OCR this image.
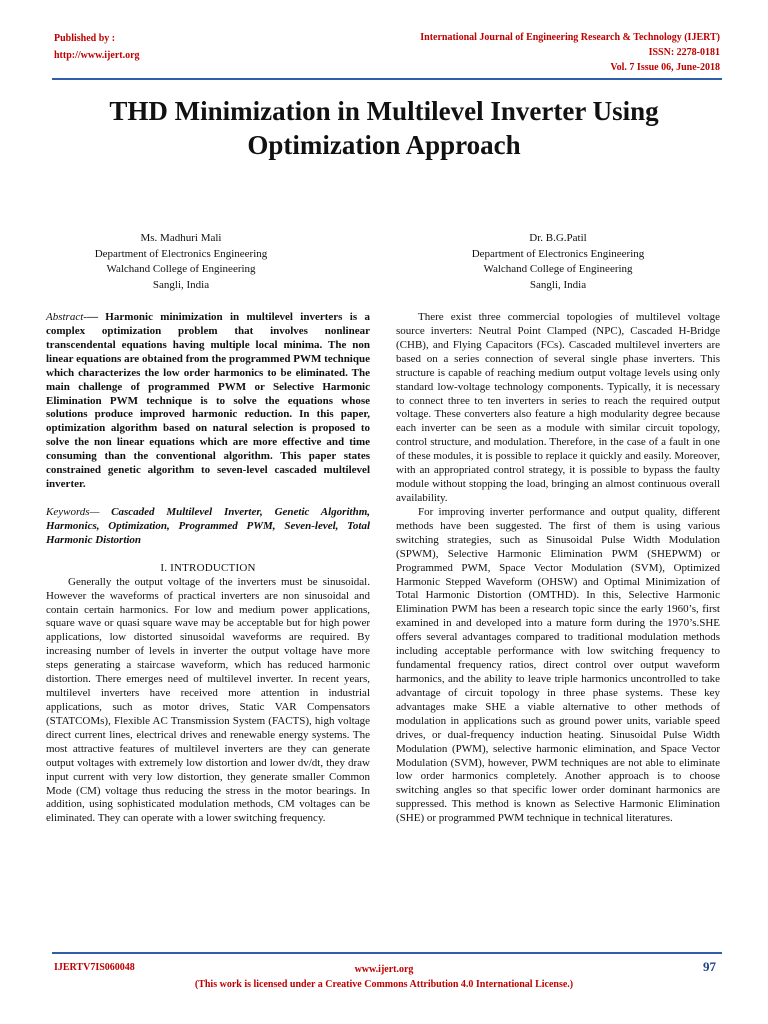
Published by :
http://www.ijert.org
International Journal of Engineering Research & Technology (IJERT)
ISSN: 2278-0181
Vol. 7 Issue 06, June-2018
THD Minimization in Multilevel Inverter Using
Optimization Approach
Ms. Madhuri Mali
Department of Electronics Engineering
Walchand College of Engineering
Sangli, India
Dr. B.G.Patil
Department of Electronics Engineering
Walchand College of Engineering
Sangli, India

Abstract-— Harmonic minimization in multilevel inverters is a complex optimization problem that involves nonlinear transcendental equations having multiple local minima. The non linear equations are obtained from the programmed PWM technique which characterizes the low order harmonics to be eliminated. The main challenge of programmed PWM or Selective Harmonic Elimination PWM technique is to solve the equations whose solutions produce improved harmonic reduction. In this paper, optimization algorithm based on natural selection is proposed to solve the non linear equations which are more effective and time consuming than the conventional algorithm. This paper states constrained genetic algorithm to seven-level cascaded multilevel inverter.

Keywords— Cascaded Multilevel Inverter, Genetic Algorithm, Harmonics, Optimization, Programmed PWM, Seven-level, Total Harmonic Distortion

I. INTRODUCTION

Generally the output voltage of the inverters must be sinusoidal. However the waveforms of practical inverters are non sinusoidal and contain certain harmonics. For low and medium power applications, square wave or quasi square wave may be acceptable but for high power applications, low distorted sinusoidal waveforms are required. By increasing number of levels in inverter the output voltage have more steps generating a staircase waveform, which has reduced harmonic distortion. There emerges need of multilevel inverter. In recent years, multilevel inverters have received more attention in industrial applications, such as motor drives, Static VAR Compensators (STATCOMs), Flexible AC Transmission System (FACTS), high voltage direct current lines, electrical drives and renewable energy systems. The most attractive features of multilevel inverters are they can generate output voltages with extremely low distortion and lower dv/dt, they draw input current with very low distortion, they generate smaller Common Mode (CM) voltage thus reducing the stress in the motor bearings. In addition, using sophisticated modulation methods, CM voltages can be eliminated. They can operate with a lower switching frequency.

There exist three commercial topologies of multilevel voltage source inverters: Neutral Point Clamped (NPC), Cascaded H-Bridge (CHB), and Flying Capacitors (FCs). Cascaded multilevel inverters are based on a series connection of several single phase inverters. This structure is capable of reaching medium output voltage levels using only standard low-voltage technology components. Typically, it is necessary to connect three to ten inverters in series to reach the required output voltage. These converters also feature a high modularity degree because each inverter can be seen as a module with similar circuit topology, control structure, and modulation. Therefore, in the case of a fault in one of these modules, it is possible to replace it quickly and easily. Moreover, with an appropriated control strategy, it is possible to bypass the faulty module without stopping the load, bringing an almost continuous overall availability.

For improving inverter performance and output quality, different methods have been suggested. The first of them is using various switching strategies, such as Sinusoidal Pulse Width Modulation (SPWM), Selective Harmonic Elimination PWM (SHEPWM) or Programmed PWM, Space Vector Modulation (SVM), Optimized Harmonic Stepped Waveform (OHSW) and Optimal Minimization of Total Harmonic Distortion (OMTHD). In this, Selective Harmonic Elimination PWM has been a research topic since the early 1960’s, first examined in and developed into a mature form during the 1970’s.SHE offers several advantages compared to traditional modulation methods including acceptable performance with low switching frequency to fundamental frequency ratios, direct control over output waveform harmonics, and the ability to leave triple harmonics uncontrolled to take advantage of circuit topology in three phase systems. These key advantages make SHE a viable alternative to other methods of modulation in applications such as ground power units, variable speed drives, or dual-frequency induction heating. Sinusoidal Pulse Width Modulation (PWM), selective harmonic elimination, and Space Vector Modulation (SVM), however, PWM techniques are not able to eliminate low order harmonics completely. Another approach is to choose switching angles so that specific lower order dominant harmonics are suppressed. This method is known as Selective Harmonic Elimination (SHE) or programmed PWM technique in technical literatures.

IJERTV7IS060048	www.ijert.org
(This work is licensed under a Creative Commons Attribution 4.0 International License.)
97
